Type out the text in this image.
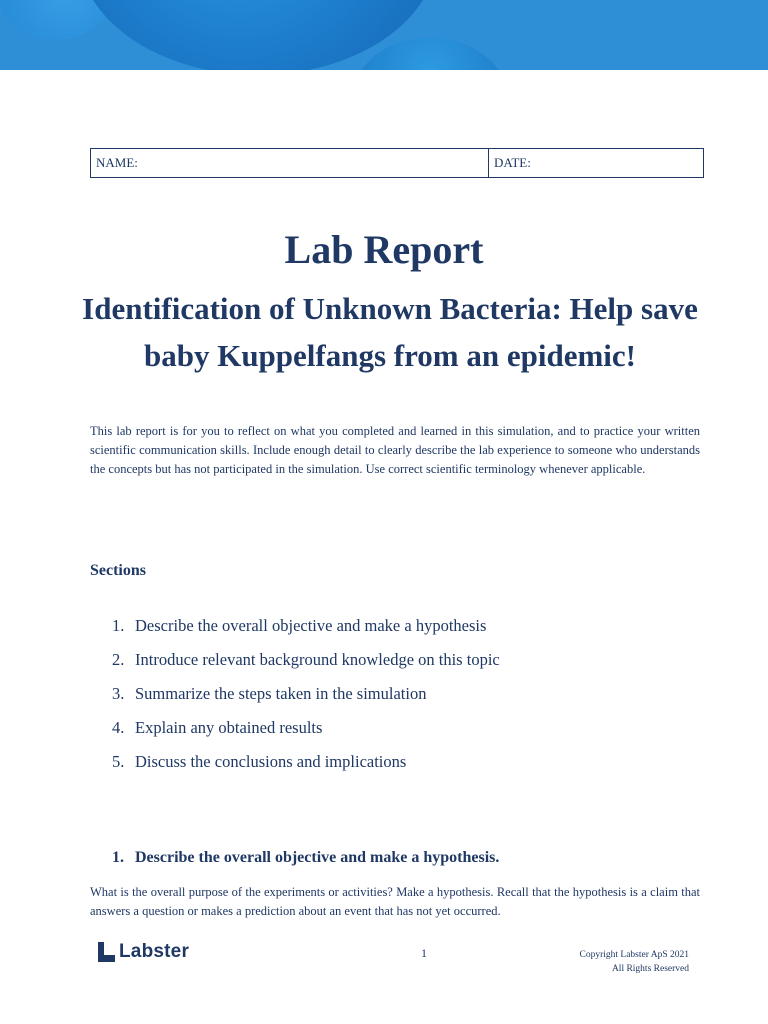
NAME:	DATE:
Lab Report
Identification of Unknown Bacteria: Help save baby Kuppelfangs from an epidemic!

This lab report is for you to reflect on what you completed and learned in this simulation, and to practice your written scientific communication skills. Include enough detail to clearly describe the lab experience to someone who understands the concepts but has not participated in the simulation. Use correct scientific terminology whenever applicable.

Sections
1. Describe the overall objective and make a hypothesis
2. Introduce relevant background knowledge on this topic
3. Summarize the steps taken in the simulation
4. Explain any obtained results
5. Discuss the conclusions and implications
1. Describe the overall objective and make a hypothesis.

What is the overall purpose of the experiments or activities? Make a hypothesis. Recall that the hypothesis is a claim that answers a question or makes a prediction about an event that has not yet occurred.

Labster	1	Copyright Labster ApS 2021
All Rights Reserved
